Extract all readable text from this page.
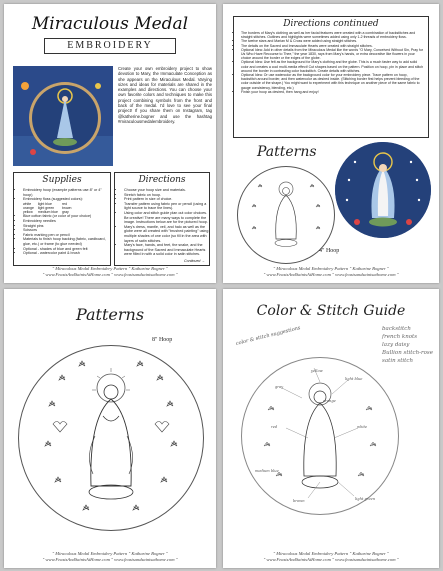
Miraculous Medal
EMBROIDERY
Create your own embroidery project to show devotion to Mary, the Immaculate Conception as she appears on the Miraculous Medal. Varying sizes and ideas for materials are shared in the examples and directions. You can choose your own favorite colors and techniques to make this project combining symbols from the front and back of the medal. I'd love to see your final project! If you share them on Instagram, tag @katherine.bogner and use the hashtag #miraculousmedalembroidery.
Supplies
• Embroidery hoop (example patterns use 8" or 4" hoop)
• Embroidery floss (suggested colors):
white
orange
yellow
light blue
light green
medium blue
red
brown
gray
• Blue cotton fabric (or color of your choice)
• Embroidery needles
• Straight pins
• Scissors
• Fabric marking pen or pencil
• Materials to finish hoop backing (fabric, cardboard, glue, etc.) or frame (to glue needed)
• Optional - shades of blue and green felt
• Optional - watercolor paint & brush
Directions
• Choose your hoop size and materials.
• Stretch fabric on hoop.
• Print pattern in size of choice.
• Transfer pattern using fabric pen or pencil (using a light source to trace the lines).
• Using color and stitch guide plan out color choices. Be creative! There are many ways to complete the image. Instructions below are for the pictured hoop.
• Mary's dress, mantle, veil, and halo as well as the globe were all created with "brushed painting" using multiple shades of one color (so fill in the area with layers of satin stitches.
• Mary's face, hands, and feet, the snake, and the background of the Sacred and Immaculate Hearts were filled in with a solid color in satin stitches.
Continued →
" Miraculous Medal Embroidery Pattern " Katharine Bogner "
" www.FeastsAndSaintsAtHome.com " www.feastsandsaintsathome.com "
Directions continued
• The borders of Mary's clothing as well as her facial features were created with a combination of backstitches and straight stitches. Outlines and highlights were sometimes added using only 1-2 threads of embroidery floss.
• The twelve stars and Marian M & Cross were added using straight stitches.
• The details on the Sacred and Immaculate Hearts were created with straight stitches.
• Optional Idea: Add in other details from the Miraculous Medal like the words "O Mary, Conceived Without Sin, Pray for Us Who Have Recourse to Thee," the year 1830, rays from Mary's hands, or extra decorative like flowers in your choice around the border or the edges of the globe.
• Optional Idea: Use felt as the background for Mary's clothing and the globe. This is a much faster way to add solid color and creates a cool multi-media effect! Cut shapes based on the pattern. Position on hoop, pin in place and stitch around the border in contrasting color backstitch. Create details with stitches.
• Optional Idea: Or use watercolor as the background color for your embroidery piece. Trace pattern on hoop, backstitch around border, and then watercolor as desired inside. (Stitching border first helps prevent bleeding of the color outside of the shape.) You might want to experiment with this technique on another piece of the same fabric to gauge consistency, blending, etc.)
• Finish your hoop as desired, then hang and enjoy!
Patterns
4" Hoop
" Miraculous Medal Embroidery Pattern " Katharine Bogner "
" www.FeastsAndSaintsAtHome.com " www.feastsandsaintsathome.com "
Patterns
8" Hoop
" Miraculous Medal Embroidery Pattern " Katharine Bogner "
" www.FeastsAndSaintsAtHome.com " www.feastsandsaintsathome.com "
Color & Stitch Guide
color & stitch suggestions	backstitch
french knots
lazy daisy
Bullion stitch-rose
satin stitch
yellow
light blue
gray
red	white
orange
brown
medium blue
light green
" Miraculous Medal Embroidery Pattern " Katharine Bogner "
" www.FeastsAndSaintsAtHome.com " www.feastsandsaintsathome.com "
